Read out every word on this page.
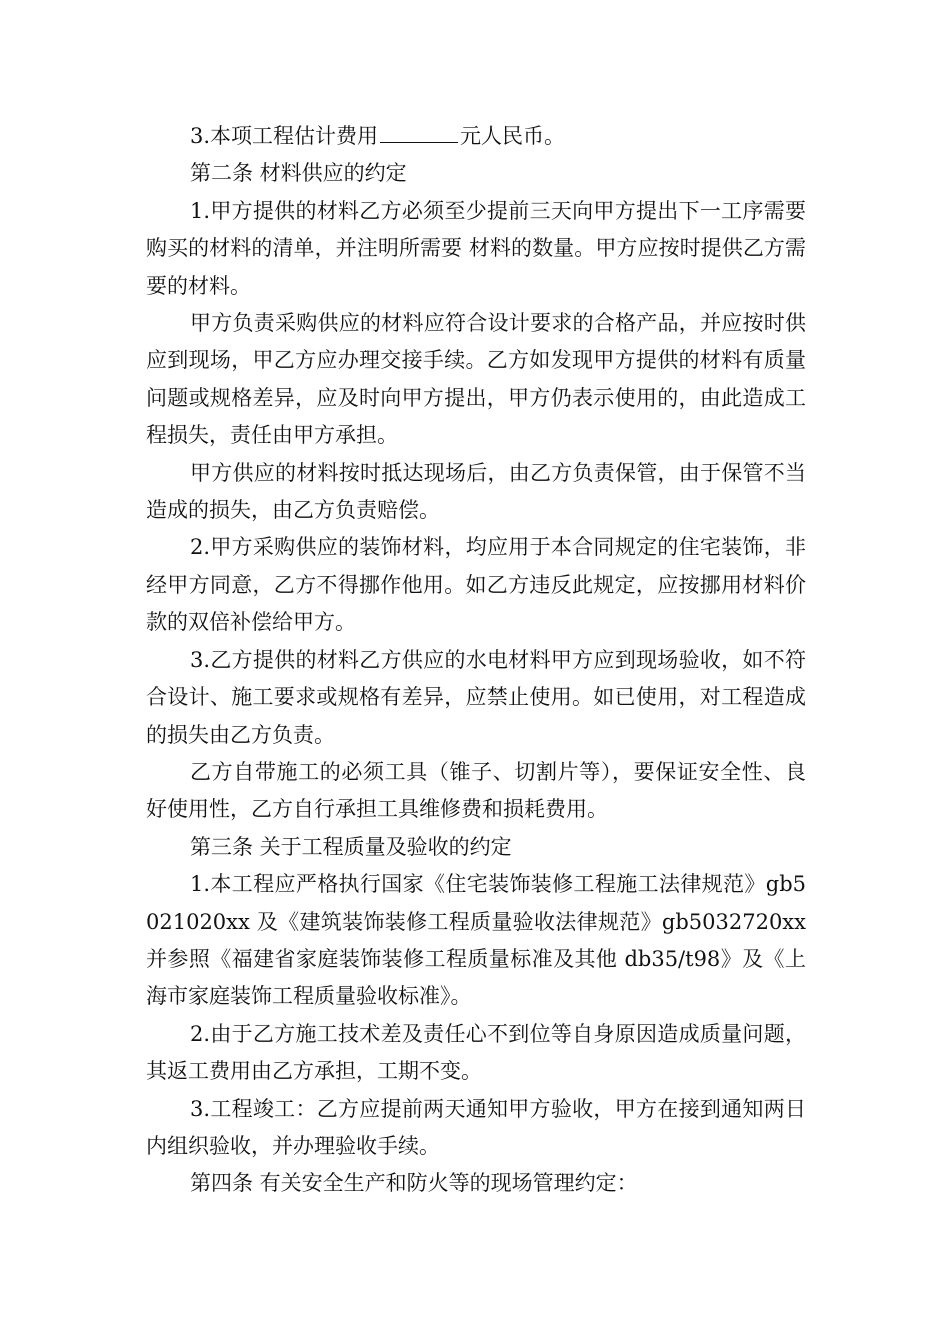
3.本项工程估计费用	元人民币。

第二条 材料供应的约定

1.甲方提供的材料乙方必须至少提前三天向甲方提出下一工序需要购买的材料的清单，并注明所需要 材料的数量。甲方应按时提供乙方需要的材料。

甲方负责采购供应的材料应符合设计要求的合格产品，并应按时供应到现场，甲乙方应办理交接手续。乙方如发现甲方提供的材料有质量问题或规格差异，应及时向甲方提出，甲方仍表示使用的，由此造成工程损失，责任由甲方承担。

甲方供应的材料按时抵达现场后，由乙方负责保管，由于保管不当造成的损失，由乙方负责赔偿。

2.甲方采购供应的装饰材料，均应用于本合同规定的住宅装饰，非经甲方同意，乙方不得挪作他用。如乙方违反此规定，应按挪用材料价款的双倍补偿给甲方。

3.乙方提供的材料乙方供应的水电材料甲方应到现场验收，如不符合设计、施工要求或规格有差异，应禁止使用。如已使用，对工程造成的损失由乙方负责。

乙方自带施工的必须工具（锥子、切割片等），要保证安全性、良好使用性，乙方自行承担工具维修费和损耗费用。

第三条 关于工程质量及验收的约定

1.本工程应严格执行国家《住宅装饰装修工程施工法律规范》gb5021020xx 及《建筑装饰装修工程质量验收法律规范》gb5032720xx 并参照《福建省家庭装饰装修工程质量标准及其他 db35/t98》及《上海市家庭装饰工程质量验收标准》。

2.由于乙方施工技术差及责任心不到位等自身原因造成质量问题，其返工费用由乙方承担，工期不变。

3.工程竣工：乙方应提前两天通知甲方验收，甲方在接到通知两日内组织验收，并办理验收手续。

第四条 有关安全生产和防火等的现场管理约定：
